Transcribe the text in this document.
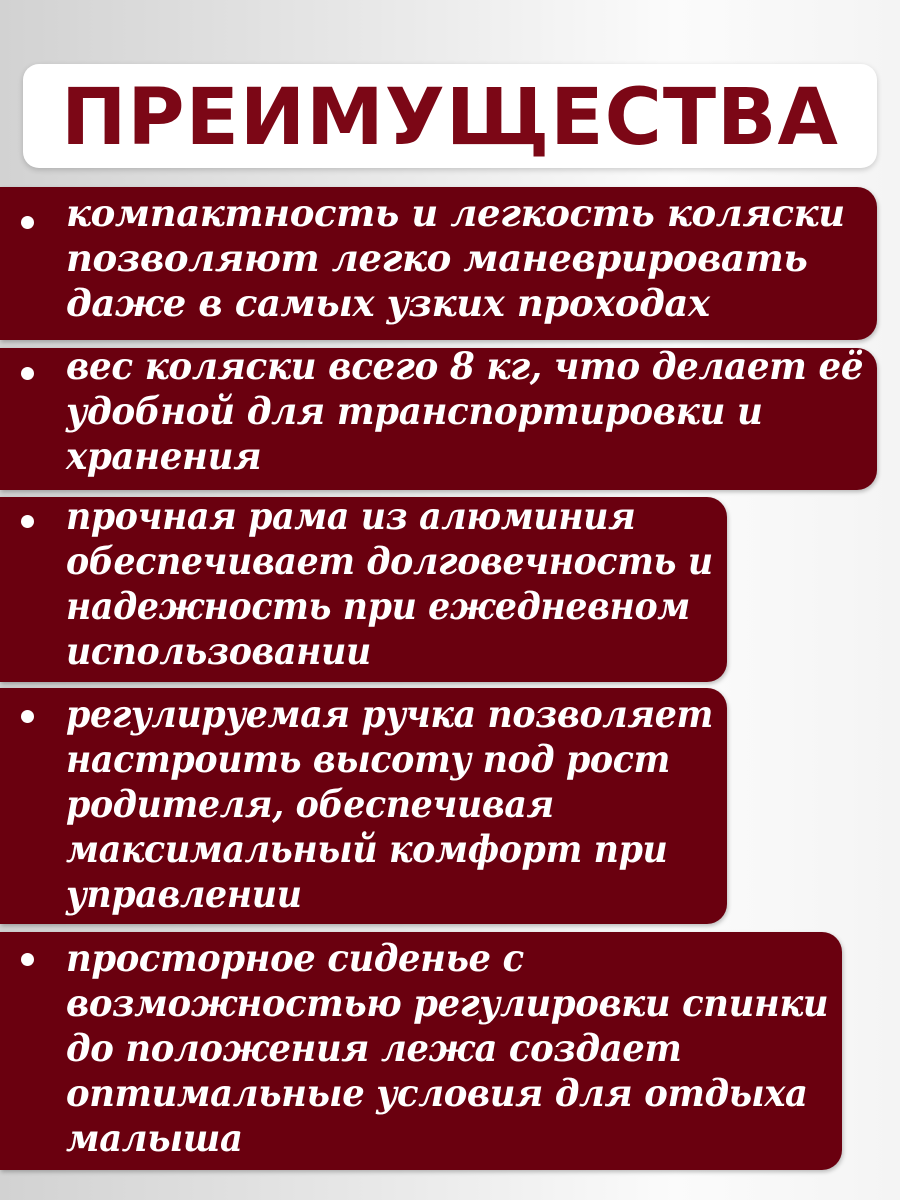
ПРЕИМУЩЕСТВА

компактность и легкость коляски
позволяют легко маневрировать
даже в самых узких проходах

вес коляски всего 8 кг, что делает её
удобной для транспортировки и
хранения

прочная рама из алюминия
обеспечивает долговечность и
надежность при ежедневном
использовании

регулируемая ручка позволяет
настроить высоту под рост
родителя, обеспечивая
максимальный комфорт при
управлении

просторное сиденье с
возможностью регулировки спинки
до положения лежа создает
оптимальные условия для отдыха
малыша
